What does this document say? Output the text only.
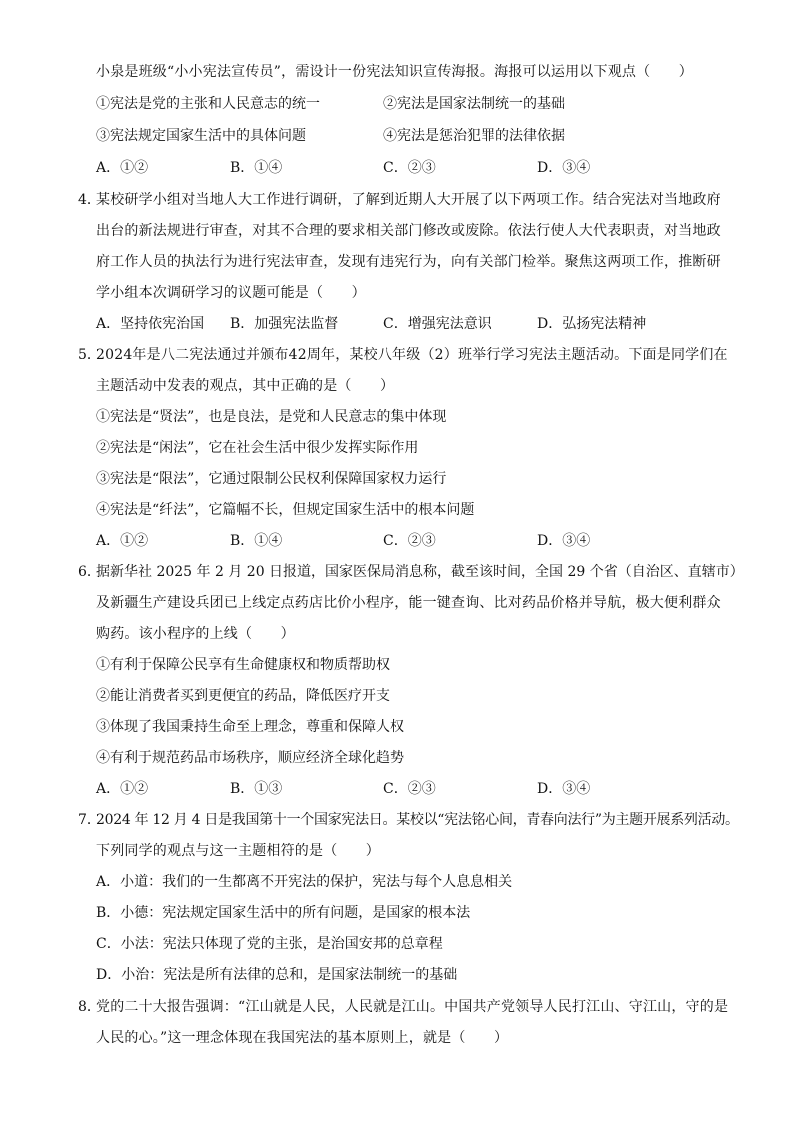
小泉是班级“小小宪法宣传员”，需设计一份宪法知识宣传海报。海报可以运用以下观点（　　）
①宪法是党的主张和人民意志的统一	②宪法是国家法制统一的基础
③宪法规定国家生活中的具体问题	④宪法是惩治犯罪的法律依据
A．①②	B．①④	C．②③	D．③④
4．
某校研学小组对当地人大工作进行调研，了解到近期人大开展了以下两项工作。结合宪法对当地政府
出台的新法规进行审查，对其不合理的要求相关部门修改或废除。依法行使人大代表职责，对当地政
府工作人员的执法行为进行宪法审查，发现有违宪行为，向有关部门检举。聚焦这两项工作，推断研
学小组本次调研学习的议题可能是（　　）
A．坚持依宪治国 B．加强宪法监督	C．增强宪法意识	D．弘扬宪法精神
5．
2024年是八二宪法通过并颁布42周年，某校八年级（2）班举行学习宪法主题活动。下面是同学们在
主题活动中发表的观点，其中正确的是（　　）
①宪法是“贤法”，也是良法，是党和人民意志的集中体现
②宪法是“闲法”，它在社会生活中很少发挥实际作用
③宪法是“限法”，它通过限制公民权利保障国家权力运行
④宪法是“纤法”，它篇幅不长，但规定国家生活中的根本问题
A．①②	B．①④	C．②③	D．③④
6．
据新华社 2025 年 2 月 20 日报道，国家医保局消息称，截至该时间，全国 29 个省（自治区、直辖市）
及新疆生产建设兵团已上线定点药店比价小程序，能一键查询、比对药品价格并导航，极大便利群众
购药。该小程序的上线（　　）
①有利于保障公民享有生命健康权和物质帮助权
②能让消费者买到更便宜的药品，降低医疗开支
③体现了我国秉持生命至上理念，尊重和保障人权
④有利于规范药品市场秩序，顺应经济全球化趋势
A．①②	B．①③	C．②③	D．③④
7．
2024 年 12 月 4 日是我国第十一个国家宪法日。某校以“宪法铭心间，青春向法行”为主题开展系列活动。
下列同学的观点与这一主题相符的是（　　）
A．小道：我们的一生都离不开宪法的保护，宪法与每个人息息相关
B．小德：宪法规定国家生活中的所有问题，是国家的根本法
C．小法：宪法只体现了党的主张，是治国安邦的总章程
D．小治：宪法是所有法律的总和，是国家法制统一的基础
8．
党的二十大报告强调：“江山就是人民，人民就是江山。中国共产党领导人民打江山、守江山，守的是
人民的心。”这一理念体现在我国宪法的基本原则上，就是（　　）
